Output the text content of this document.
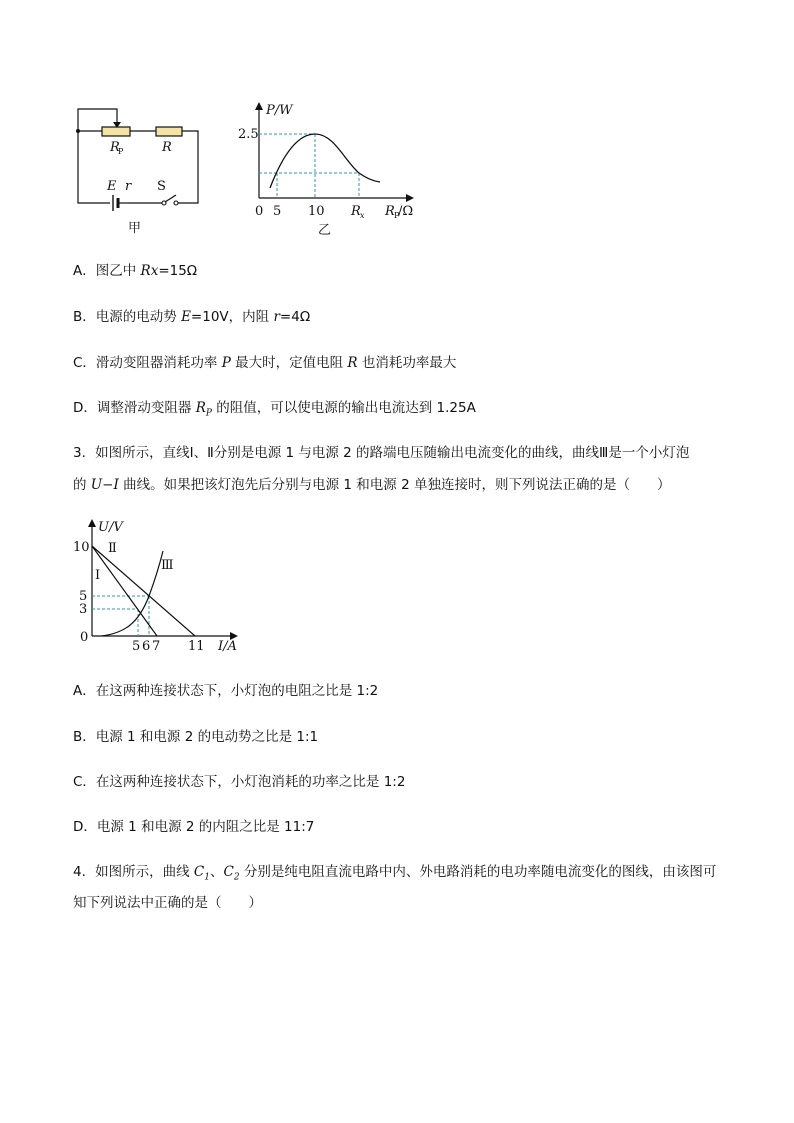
R
P	R
E r S
甲
P/W
2.5
0 5 10 R x R P
/Ω
乙
A．图乙中 Rx=15Ω
B．电源的电动势 E=10V，内阻 r=4Ω
C．滑动变阻器消耗功率 P 最大时，定值电阻 R 也消耗功率最大
D．调整滑动变阻器 $R_P$ 的阻值，可以使电源的输出电流达到 1.25A
3．如图所示，直线Ⅰ、Ⅱ分别是电源 1 与电源 2 的路端电压随输出电流变化的曲线，曲线Ⅲ是一个小灯泡
的 U−I 曲线。如果把该灯泡先后分别与电源 1 和电源 2 单独连接时，则下列说法正确的是（　　）
U/V
10
5
3
0
5 6 7 11 I/A
Ⅱ
Ⅰ
Ⅲ
A．在这两种连接状态下，小灯泡的电阻之比是 1:2
B．电源 1 和电源 2 的电动势之比是 1:1
C．在这两种连接状态下，小灯泡消耗的功率之比是 1:2
D．电源 1 和电源 2 的内阻之比是 11:7
4．如图所示，曲线 $C_1$、$C_2$ 分别是纯电阻直流电路中内、外电路消耗的电功率随电流变化的图线，由该图可
知下列说法中正确的是（　　）
